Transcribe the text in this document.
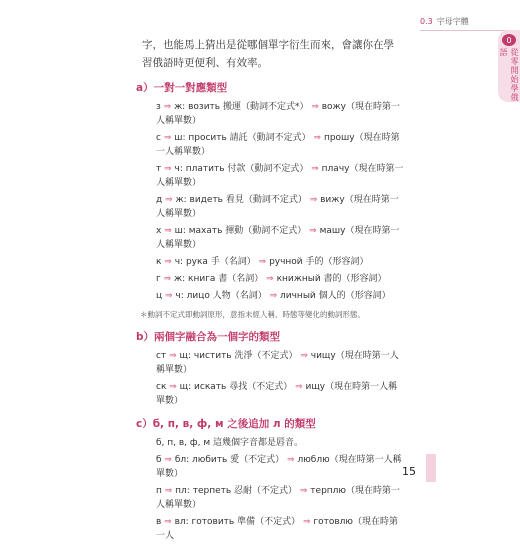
0.3 字母字體
0
從零開始學俄語

字，也能馬上猜出是從哪個單字衍生而來，會讓你在學習俄語時更便利、有效率。

a）一對一對應類型
з ⇒ ж: возить 搬運（動詞不定式*） ⇒ вожу（現在時第一人稱單數）
с ⇒ ш: просить 請託（動詞不定式） ⇒ прошу（現在時第一人稱單數）
т ⇒ ч: платить 付款（動詞不定式） ⇒ плачу（現在時第一人稱單數）
д ⇒ ж: видеть 看見（動詞不定式） ⇒ вижу（現在時第一人稱單數）
х ⇒ ш: махать 揮動（動詞不定式） ⇒ машу（現在時第一人稱單數）
к ⇒ ч: рука 手（名詞） ⇒ ручной 手的（形容詞）
г ⇒ ж: книга 書（名詞） ⇒ книжный 書的（形容詞）
ц ⇒ ч: лицо 人物（名詞） ⇒ личный 個人的（形容詞）
＊動詞不定式即動詞原形，意指未經人稱、時態等變化的動詞形態。
b）兩個字融合為一個字的類型
ст ⇒ щ: чистить 洗淨（不定式） ⇒ чищу（現在時第一人稱單數）
ск ⇒ щ: искать 尋找（不定式） ⇒ ищу（現在時第一人稱單數）
c）б, п, в, ф, м 之後追加 л 的類型
б, п, в, ф, м 這幾個字音都是唇音。
б ⇒ бл: любить 愛（不定式） ⇒ люблю（現在時第一人稱單數）
п ⇒ пл: терпеть 忍耐（不定式） ⇒ терплю（現在時第一人稱單數）
в ⇒ вл: готовить 準備（不定式） ⇒ готовлю（現在時第一人
15
